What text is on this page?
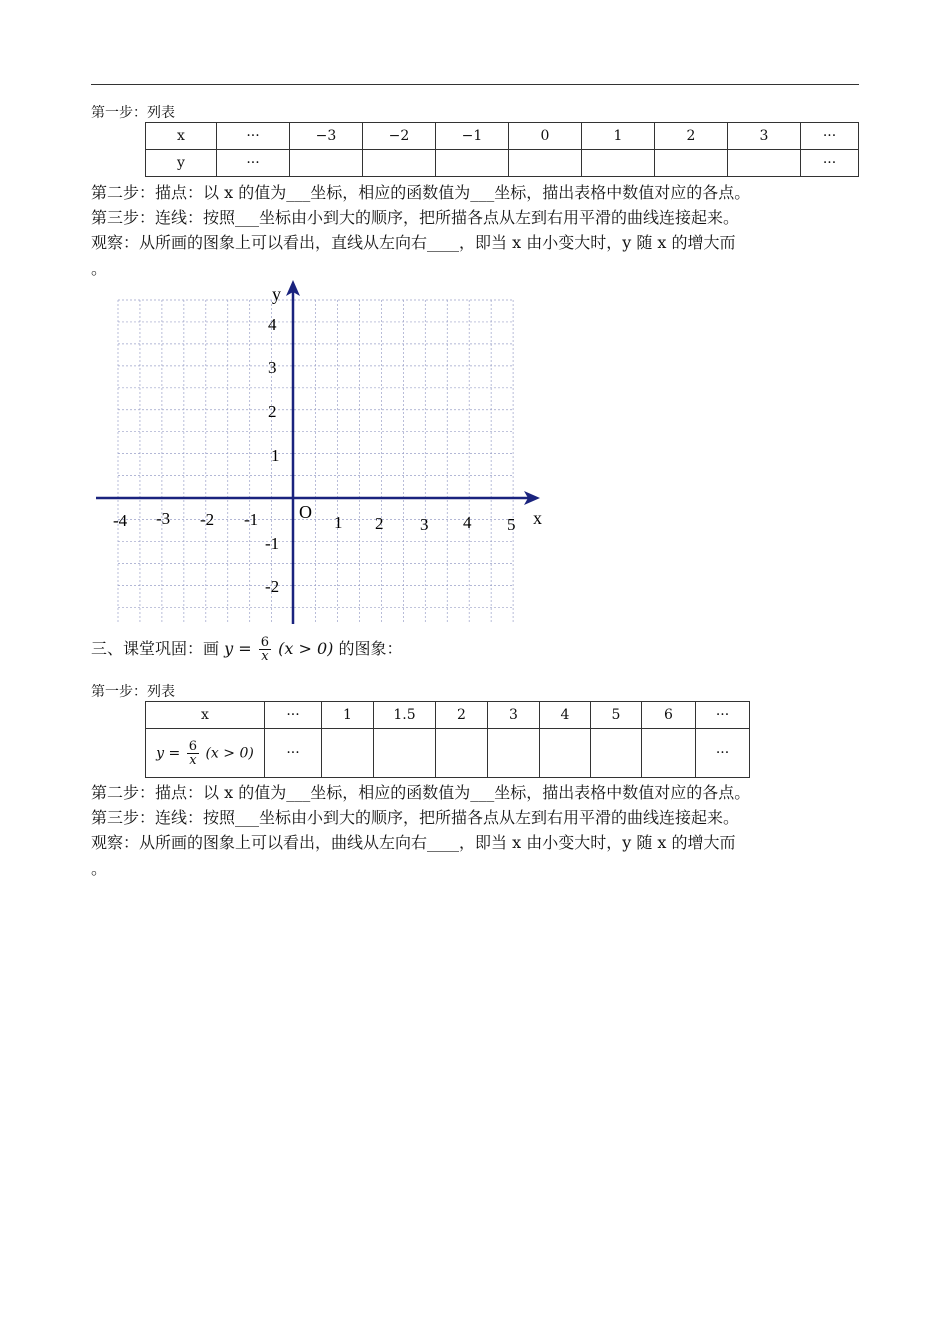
第一步：列表
x	···	−3	−2	−1	0	1	2	3	···
y	···								···
第二步：描点：以 x 的值为___坐标，相应的函数值为___坐标，描出表格中数值对应的各点。
第三步：连线：按照___坐标由小到大的顺序，把所描各点从左到右用平滑的曲线连接起来。
观察：从所画的图象上可以看出，直线从左向右____，即当 x 由小变大时，y 随 x 的增大而
。
x
y
O
-4 -3 -2 -1	1 2 3 4 5
4
3
2
1
-1
-2
三、课堂巩固：画 $y = \frac{6}{x} (x > 0)$ 的图象：
第一步：列表
x	···	1	1.5	2	3	4	5	6	···
$y = \frac{6}{x} (x > 0)$	···								···
第二步：描点：以 x 的值为___坐标，相应的函数值为___坐标，描出表格中数值对应的各点。
第三步：连线：按照___坐标由小到大的顺序，把所描各点从左到右用平滑的曲线连接起来。
观察：从所画的图象上可以看出，曲线从左向右____，即当 x 由小变大时，y 随 x 的增大而
。
